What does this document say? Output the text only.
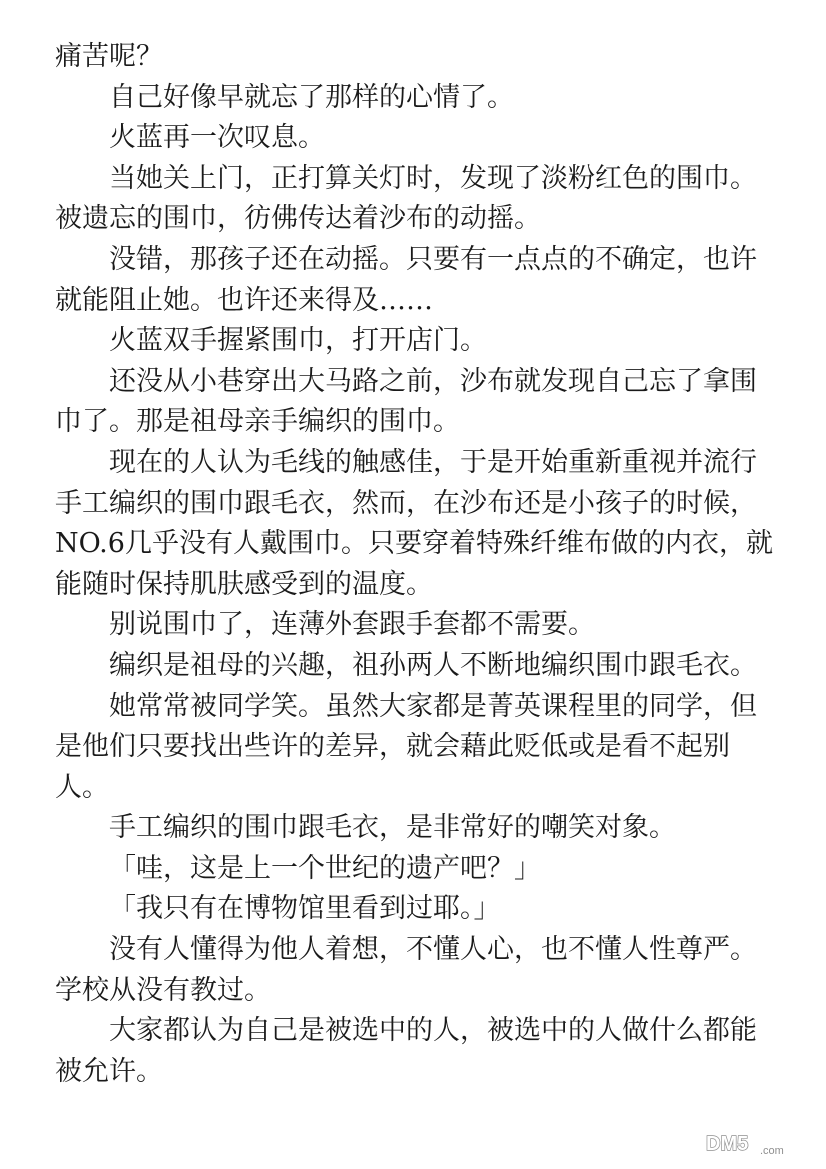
痛苦呢？
自己好像早就忘了那样的心情了。
火蓝再一次叹息。
当她关上门，正打算关灯时，发现了淡粉红色的围巾。
被遗忘的围巾，彷佛传达着沙布的动摇。
没错，那孩子还在动摇。只要有一点点的不确定，也许
就能阻止她。也许还来得及……
火蓝双手握紧围巾，打开店门。
还没从小巷穿出大马路之前，沙布就发现自己忘了拿围
巾了。那是祖母亲手编织的围巾。
现在的人认为毛线的触感佳，于是开始重新重视并流行
手工编织的围巾跟毛衣，然而，在沙布还是小孩子的时候，
NO.6几乎没有人戴围巾。只要穿着特殊纤维布做的内衣，就
能随时保持肌肤感受到的温度。
别说围巾了，连薄外套跟手套都不需要。
编织是祖母的兴趣，祖孙两人不断地编织围巾跟毛衣。
她常常被同学笑。虽然大家都是菁英课程里的同学，但
是他们只要找出些许的差异，就会藉此贬低或是看不起别
人。
手工编织的围巾跟毛衣，是非常好的嘲笑对象。
「哇，这是上一个世纪的遗产吧？」
「我只有在博物馆里看到过耶。」
没有人懂得为他人着想，不懂人心，也不懂人性尊严。
学校从没有教过。
大家都认为自己是被选中的人，被选中的人做什么都能
被允许。
DM5 .com
